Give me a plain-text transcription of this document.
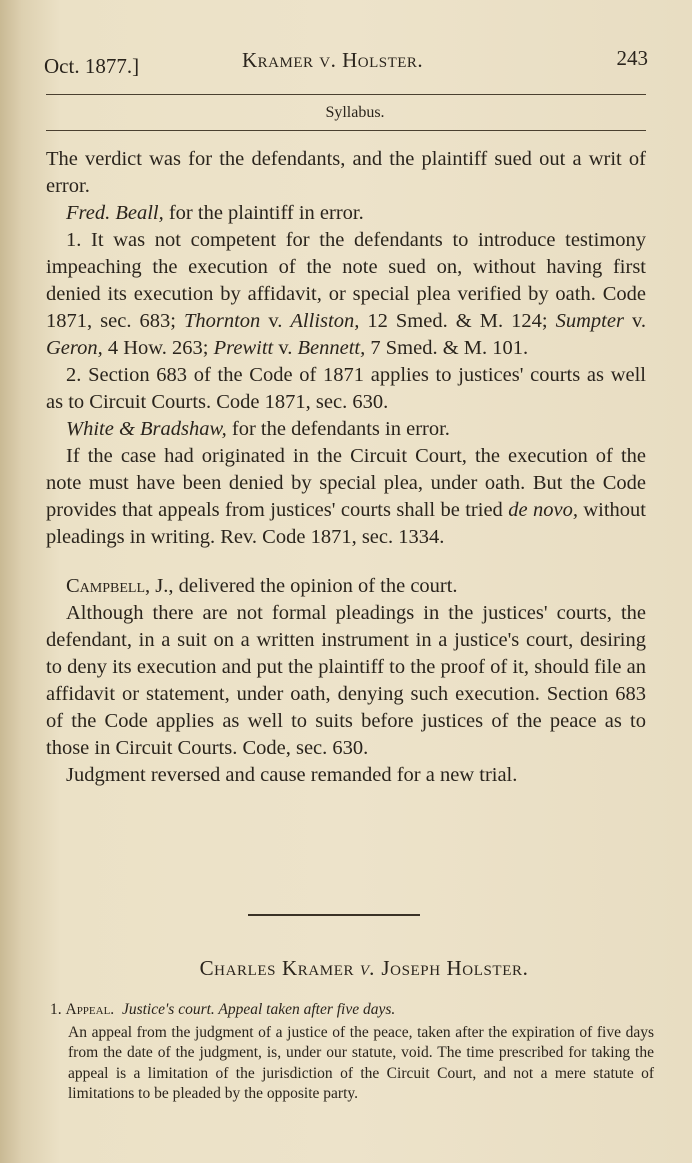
Oct. 1877.]	Kramer v. Holster.	243
Syllabus.

The verdict was for the defendants, and the plaintiff sued out a writ of error.

Fred. Beall, for the plaintiff in error.

1. It was not competent for the defendants to introduce testimony impeaching the execution of the note sued on, without having first denied its execution by affidavit, or special plea verified by oath. Code 1871, sec. 683; Thornton v. Alliston, 12 Smed. & M. 124; Sumpter v. Geron, 4 How. 263; Prewitt v. Bennett, 7 Smed. & M. 101.

2. Section 683 of the Code of 1871 applies to justices' courts as well as to Circuit Courts. Code 1871, sec. 630.

White & Bradshaw, for the defendants in error.

If the case had originated in the Circuit Court, the execution of the note must have been denied by special plea, under oath. But the Code provides that appeals from justices' courts shall be tried de novo, without pleadings in writing. Rev. Code 1871, sec. 1334.

Campbell, J., delivered the opinion of the court.

Although there are not formal pleadings in the justices' courts, the defendant, in a suit on a written instrument in a justice's court, desiring to deny its execution and put the plaintiff to the proof of it, should file an affidavit or statement, under oath, denying such execution. Section 683 of the Code applies as well to suits before justices of the peace as to those in Circuit Courts. Code, sec. 630.

Judgment reversed and cause remanded for a new trial.

Charles Kramer v. Joseph Holster.

1. Appeal. Justice's court. Appeal taken after five days.

An appeal from the judgment of a justice of the peace, taken after the expiration of five days from the date of the judgment, is, under our statute, void. The time prescribed for taking the appeal is a limitation of the jurisdiction of the Circuit Court, and not a mere statute of limitations to be pleaded by the opposite party.
